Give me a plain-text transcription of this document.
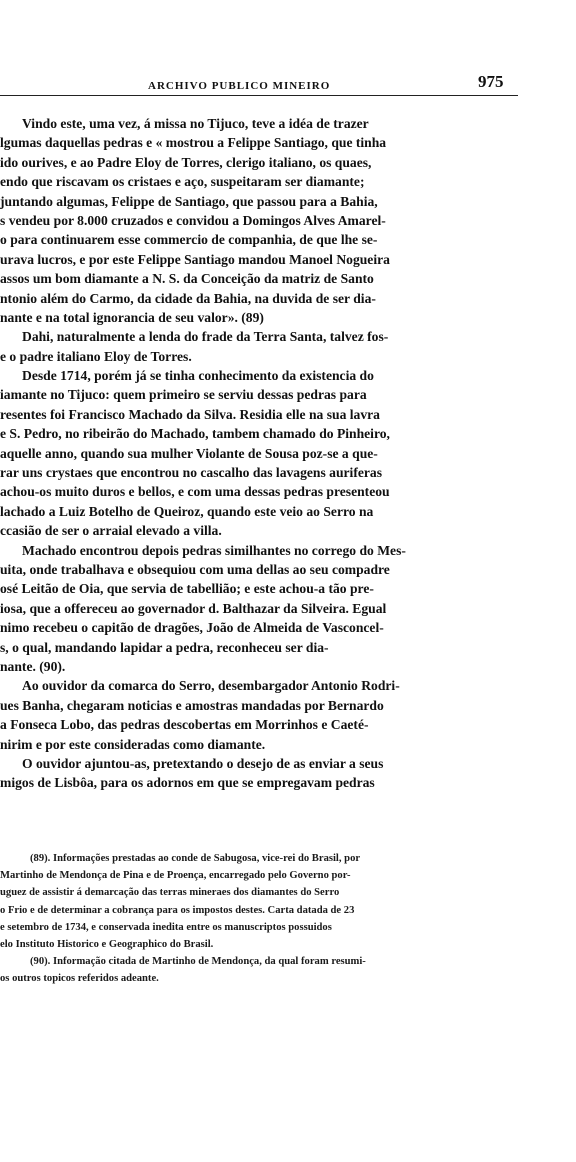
ARCHIVO PUBLICO MINEIRO	975
Vindo este, uma vez, á missa no Tijuco, teve a idéa de trazer
lgumas daquellas pedras e « mostrou a Felippe Santiago, que tinha
ido ourives, e ao Padre Eloy de Torres, clerigo italiano, os quaes,
endo que riscavam os cristaes e aço, suspeitaram ser diamante;
juntando algumas, Felippe de Santiago, que passou para a Bahia,
s vendeu por 8.000 cruzados e convidou a Domingos Alves Amarel-
o para continuarem esse commercio de companhia, de que lhe se-
urava lucros, e por este Felippe Santiago mandou Manoel Nogueira
assos um bom diamante a N. S. da Conceição da matriz de Santo
ntonio além do Carmo, da cidade da Bahia, na duvida de ser dia-
nante e na total ignorancia de seu valor». (89)
Dahi, naturalmente a lenda do frade da Terra Santa, talvez fos-
e o padre italiano Eloy de Torres.
Desde 1714, porém já se tinha conhecimento da existencia do
iamante no Tijuco: quem primeiro se serviu dessas pedras para
resentes foi Francisco Machado da Silva. Residia elle na sua lavra
e S. Pedro, no ribeirão do Machado, tambem chamado do Pinheiro,
aquelle anno, quando sua mulher Violante de Sousa poz-se a que-
rar uns crystaes que encontrou no cascalho das lavagens auriferas
achou-os muito duros e bellos, e com uma dessas pedras presenteou
lachado a Luiz Botelho de Queiroz, quando este veio ao Serro na
ccasião de ser o arraial elevado a villa.
Machado encontrou depois pedras similhantes no corrego do Mes-
uita, onde trabalhava e obsequiou com uma dellas ao seu compadre
osé Leitão de Oia, que servia de tabellião; e este achou-a tão pre-
iosa, que a offereceu ao governador d. Balthazar da Silveira. Egual
nimo recebeu o capitão de dragões, João de Almeida de Vasconcel-
s, o qual, mandando lapidar a pedra, reconheceu ser dia-
nante. (90).
Ao ouvidor da comarca do Serro, desembargador Antonio Rodri-
ues Banha, chegaram noticias e amostras mandadas por Bernardo
a Fonseca Lobo, das pedras descobertas em Morrinhos e Caeté-
nirim e por este consideradas como diamante.
O ouvidor ajuntou-as, pretextando o desejo de as enviar a seus
migos de Lisbôa, para os adornos em que se empregavam pedras
(89). Informações prestadas ao conde de Sabugosa, vice-rei do Brasil, por
Martinho de Mendonça de Pina e de Proença, encarregado pelo Governo por-
uguez de assistir á demarcação das terras mineraes dos diamantes do Serro
o Frio e de determinar a cobrança para os impostos destes. Carta datada de 23
e setembro de 1734, e conservada inedita entre os manuscriptos possuidos
elo Instituto Historico e Geographico do Brasil.
(90). Informação citada de Martinho de Mendonça, da qual foram resumi-
os outros topicos referidos adeante.
